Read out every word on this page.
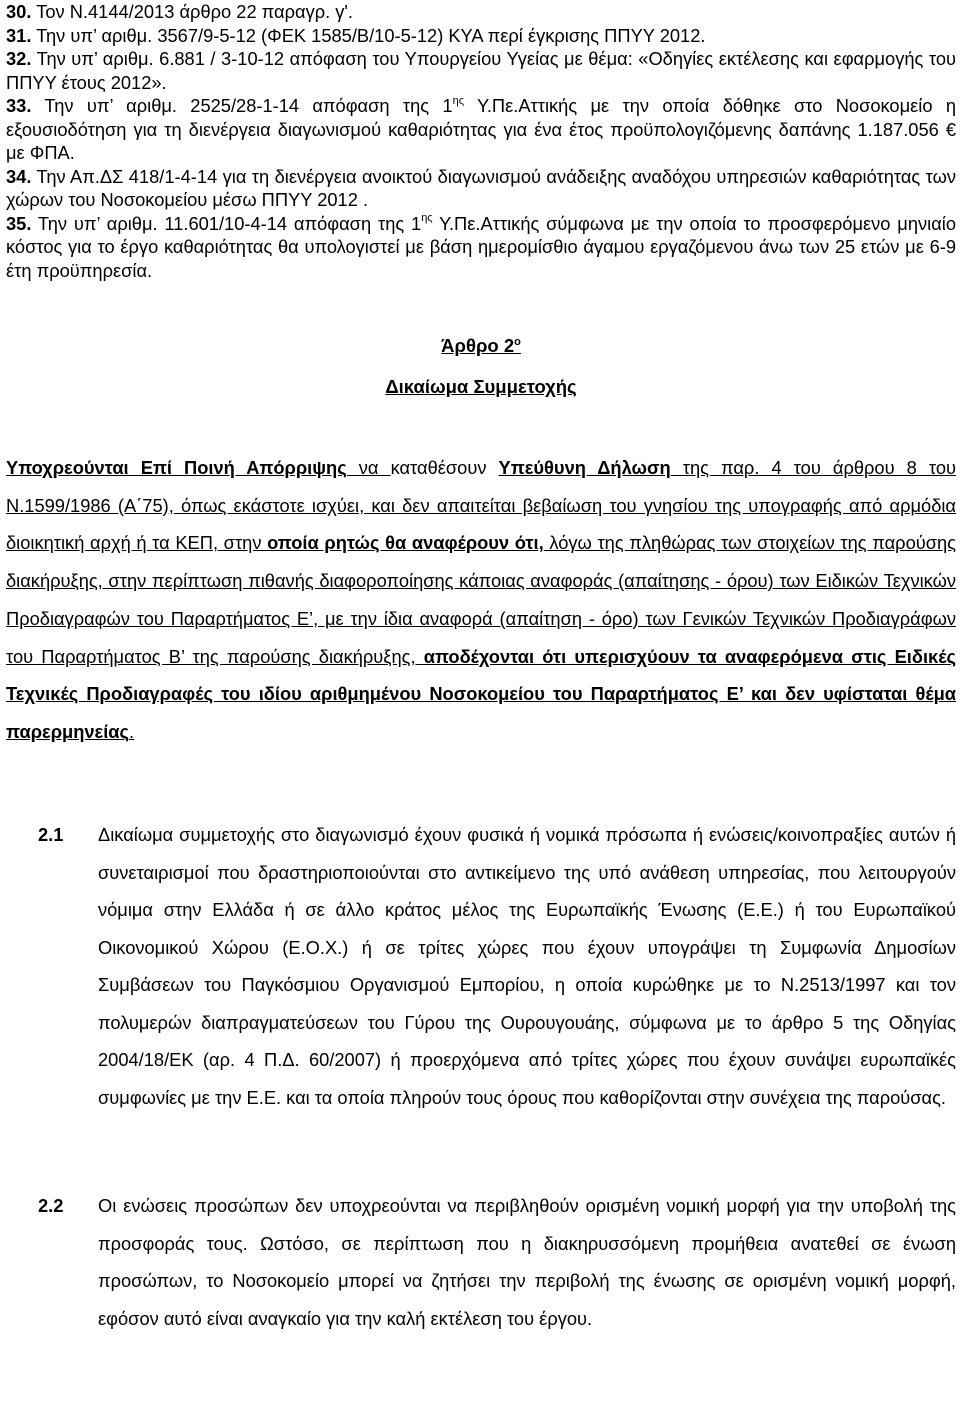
30. Τον Ν.4144/2013 άρθρο 22 παραγρ. γ'.

31. Την υπ’ αριθμ. 3567/9-5-12 (ΦΕΚ 1585/Β/10-5-12) ΚΥΑ περί έγκρισης ΠΠΥΥ 2012.

32. Την υπ’ αριθμ. 6.881 / 3-10-12 απόφαση του Υπουργείου Υγείας με θέμα: «Οδηγίες εκτέλεσης και εφαρμογής του ΠΠΥΥ έτους 2012».

33. Την υπ’ αριθμ. 2525/28-1-14 απόφαση της $1^{\eta\varsigma}$ Υ.Πε.Αττικής με την οποία δόθηκε στο Νοσοκομείο η εξουσιοδότηση για τη διενέργεια διαγωνισμού καθαριότητας για ένα έτος προϋπολογιζόμενης δαπάνης 1.187.056 € με ΦΠΑ.

34. Την Απ.ΔΣ 418/1-4-14 για τη διενέργεια ανοικτού διαγωνισμού ανάδειξης αναδόχου υπηρεσιών καθαριότητας των χώρων του Νοσοκομείου μέσω ΠΠΥΥ 2012 .

35. Την υπ’ αριθμ. 11.601/10-4-14 απόφαση της $1^{\eta\varsigma}$ Υ.Πε.Αττικής σύμφωνα με την οποία το προσφερόμενο μηνιαίο κόστος για το έργο καθαριότητας θα υπολογιστεί με βάση ημερομίσθιο άγαμου εργαζόμενου άνω των 25 ετών με 6-9 έτη προϋπηρεσία.

Άρθρο $2^o$
Δικαίωμα Συμμετοχής

Υποχρεούνται Επί Ποινή Απόρριψης να καταθέσουν Υπεύθυνη Δήλωση της παρ. 4 του άρθρου 8 του Ν.1599/1986 (Α΄75), όπως εκάστοτε ισχύει, και δεν απαιτείται βεβαίωση του γνησίου της υπογραφής από αρμόδια διοικητική αρχή ή τα ΚΕΠ, στην οποία ρητώς θα αναφέρουν ότι, λόγω της πληθώρας των στοιχείων της παρούσης διακήρυξης, στην περίπτωση πιθανής διαφοροποίησης κάποιας αναφοράς (απαίτησης - όρου) των Ειδικών Τεχνικών Προδιαγραφών του Παραρτήματος Ε’, με την ίδια αναφορά (απαίτηση - όρο) των Γενικών Τεχνικών Προδιαγράφων του Παραρτήματος Β’ της παρούσης διακήρυξης, αποδέχονται ότι υπερισχύουν τα αναφερόμενα στις Ειδικές Τεχνικές Προδιαγραφές του ιδίου αριθμημένου Νοσοκομείου του Παραρτήματος Ε’ και δεν υφίσταται θέμα παρερμηνείας.

2.1 Δικαίωμα συμμετοχής στο διαγωνισμό έχουν φυσικά ή νομικά πρόσωπα ή ενώσεις/κοινοπραξίες αυτών ή συνεταιρισμοί που δραστηριοποιούνται στο αντικείμενο της υπό ανάθεση υπηρεσίας, που λειτουργούν νόμιμα στην Ελλάδα ή σε άλλο κράτος μέλος της Ευρωπαϊκής Ένωσης (Ε.Ε.) ή του Ευρωπαϊκού Οικονομικού Χώρου (Ε.Ο.Χ.) ή σε τρίτες χώρες που έχουν υπογράψει τη Συμφωνία Δημοσίων Συμβάσεων του Παγκόσμιου Οργανισμού Εμπορίου, η οποία κυρώθηκε με το Ν.2513/1997 και τον πολυμερών διαπραγματεύσεων του Γύρου της Ουρουγουάης, σύμφωνα με το άρθρο 5 της Οδηγίας 2004/18/ΕΚ (αρ. 4 Π.Δ. 60/2007) ή προερχόμενα από τρίτες χώρες που έχουν συνάψει ευρωπαϊκές συμφωνίες με την Ε.Ε. και τα οποία πληρούν τους όρους που καθορίζονται στην συνέχεια της παρούσας.

2.2 Οι ενώσεις προσώπων δεν υποχρεούνται να περιβληθούν ορισμένη νομική μορφή για την υποβολή της προσφοράς τους. Ωστόσο, σε περίπτωση που η διακηρυσσόμενη προμήθεια ανατεθεί σε ένωση προσώπων, το Νοσοκομείο μπορεί να ζητήσει την περιβολή της ένωσης σε ορισμένη νομική μορφή, εφόσον αυτό είναι αναγκαίο για την καλή εκτέλεση του έργου.
